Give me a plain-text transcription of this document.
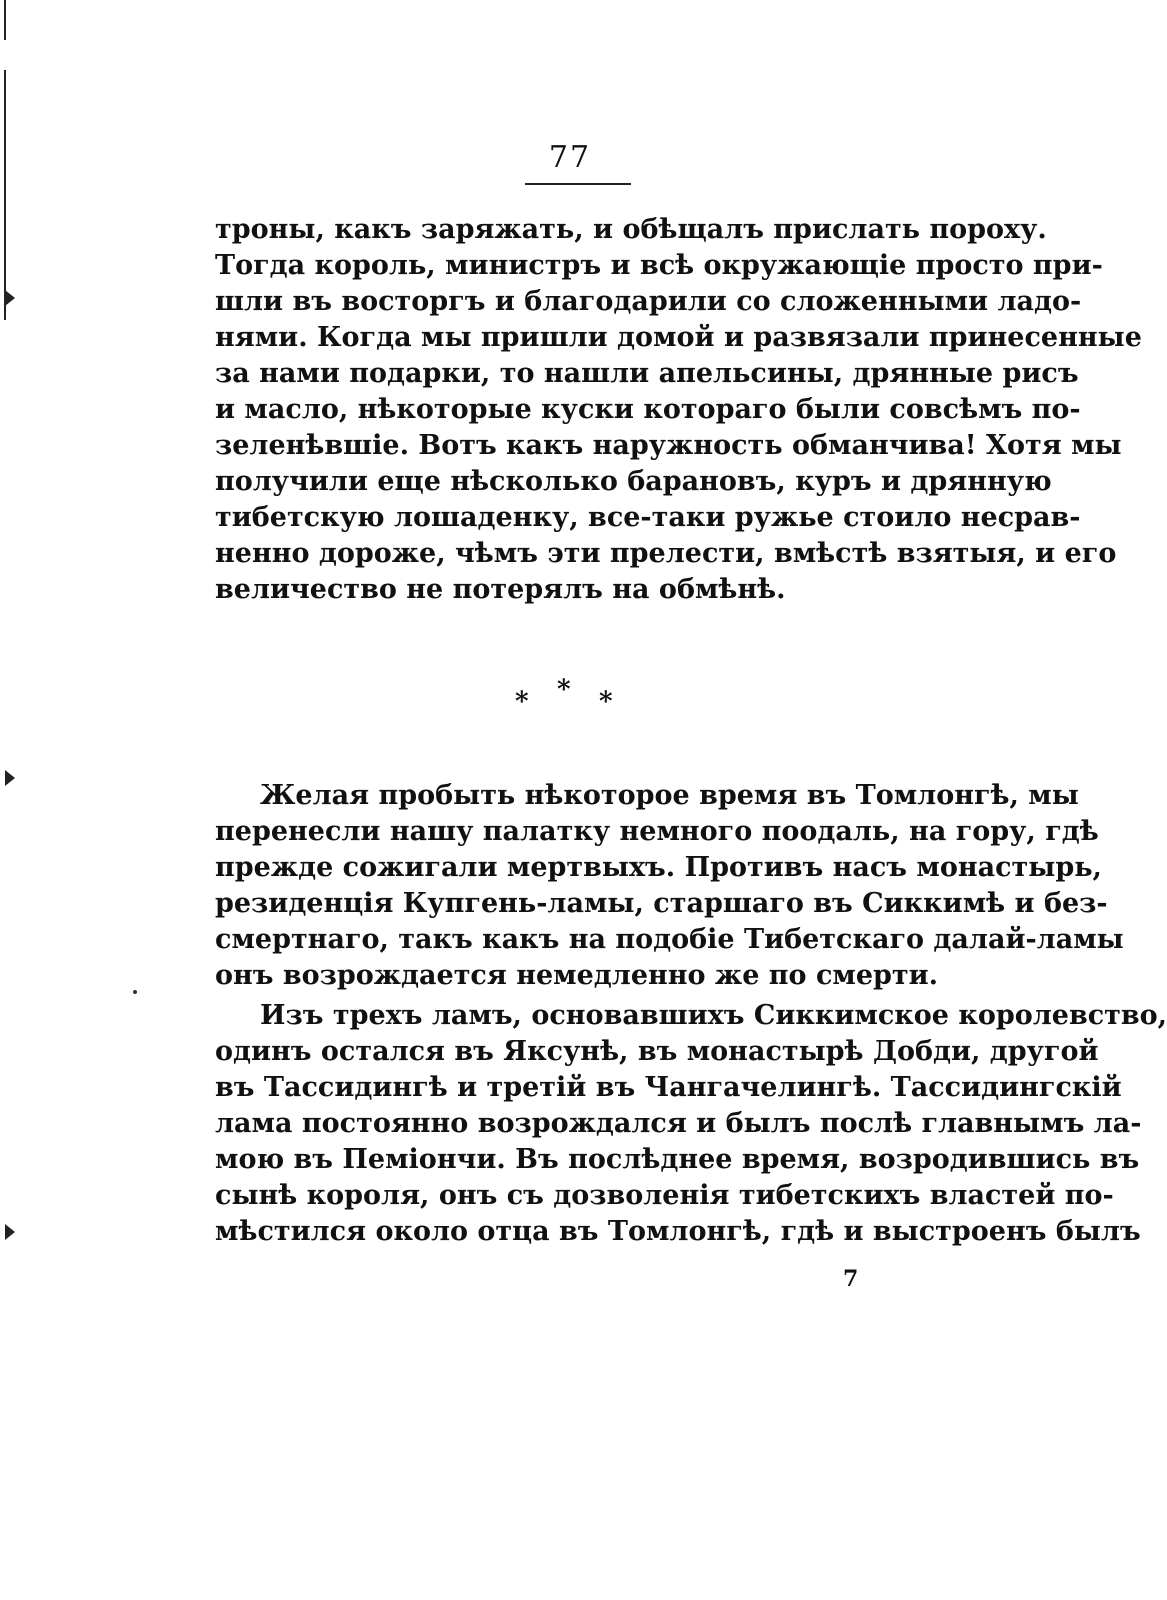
77
троны, какъ заряжать, и обѣщалъ прислать пороху.
Тогда король, министръ и всѣ окружающіе просто при-
шли въ восторгъ и благодарили со сложенными ладо-
нями. Когда мы пришли домой и развязали принесенные
за нами подарки, то нашли апельсины, дрянные рисъ
и масло, нѣкоторые куски котораго были совсѣмъ по-
зеленѣвшіе. Вотъ какъ наружность обманчива! Хотя мы
получили еще нѣсколько барановъ, куръ и дрянную
тибетскую лошаденку, все-таки ружье стоило несрав-
ненно дороже, чѣмъ эти прелести, вмѣстѣ взятыя, и его
величество не потерялъ на обмѣнѣ.
* * *
Желая пробыть нѣкоторое время въ Томлонгѣ, мы
перенесли нашу палатку немного поодаль, на гору, гдѣ
прежде сожигали мертвыхъ. Противъ насъ монастырь,
резиденція Купгень-ламы, старшаго въ Сиккимѣ и без-
смертнаго, такъ какъ на подобіе Тибетскаго далай-ламы
онъ возрождается немедленно же по смерти.
Изъ трехъ ламъ, основавшихъ Сиккимское королевство,
одинъ остался въ Яксунѣ, въ монастырѣ Добди, другой
въ Тассидингѣ и третій въ Чангачелингѣ. Тассидингскій
лама постоянно возрождался и былъ послѣ главнымъ ла-
мою въ Пеміончи. Въ послѣднее время, возродившись въ
сынѣ короля, онъ съ дозволенія тибетскихъ властей по-
мѣстился около отца въ Томлонгѣ, гдѣ и выстроенъ былъ
7
